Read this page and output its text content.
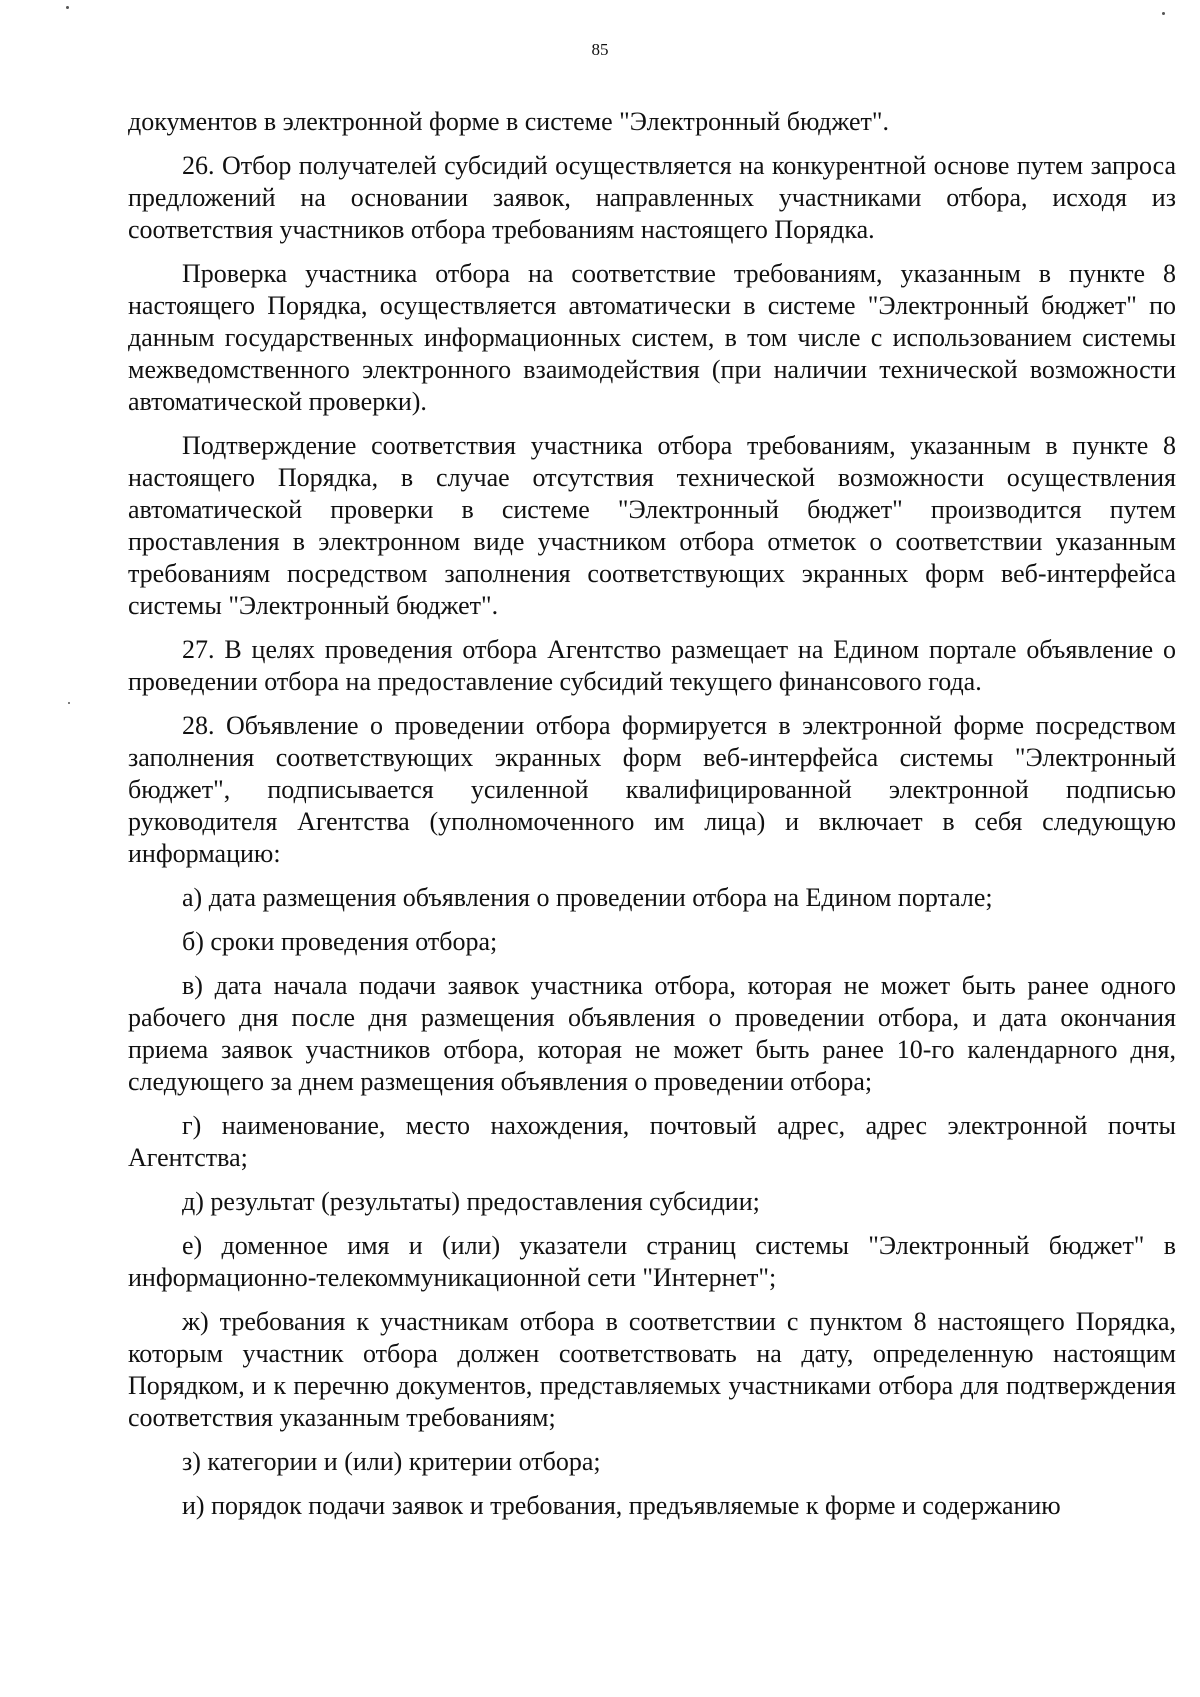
85

документов в электронной форме в системе "Электронный бюджет".

26. Отбор получателей субсидий осуществляется на конкурентной основе путем запроса предложений на основании заявок, направленных участниками отбора, исходя из соответствия участников отбора требованиям настоящего Порядка.

Проверка участника отбора на соответствие требованиям, указанным в пункте 8 настоящего Порядка, осуществляется автоматически в системе "Электронный бюджет" по данным государственных информационных систем, в том числе с использованием системы межведомственного электронного взаимодействия (при наличии технической возможности автоматической проверки).

Подтверждение соответствия участника отбора требованиям, указанным в пункте 8 настоящего Порядка, в случае отсутствия технической возможности осуществления автоматической проверки в системе "Электронный бюджет" производится путем проставления в электронном виде участником отбора отметок о соответствии указанным требованиям посредством заполнения соответствующих экранных форм веб-интерфейса системы "Электронный бюджет".

27. В целях проведения отбора Агентство размещает на Едином портале объявление о проведении отбора на предоставление субсидий текущего финансового года.

28. Объявление о проведении отбора формируется в электронной форме посредством заполнения соответствующих экранных форм веб-интерфейса системы "Электронный бюджет", подписывается усиленной квалифицированной электронной подписью руководителя Агентства (уполномоченного им лица) и включает в себя следующую информацию:

а) дата размещения объявления о проведении отбора на Едином портале;

б) сроки проведения отбора;

в) дата начала подачи заявок участника отбора, которая не может быть ранее одного рабочего дня после дня размещения объявления о проведении отбора, и дата окончания приема заявок участников отбора, которая не может быть ранее 10-го календарного дня, следующего за днем размещения объявления о проведении отбора;

г) наименование, место нахождения, почтовый адрес, адрес электронной почты Агентства;

д) результат (результаты) предоставления субсидии;

е) доменное имя и (или) указатели страниц системы "Электронный бюджет" в информационно-телекоммуникационной сети "Интернет";

ж) требования к участникам отбора в соответствии с пунктом 8 настоящего Порядка, которым участник отбора должен соответствовать на дату, определенную настоящим Порядком, и к перечню документов, представляемых участниками отбора для подтверждения соответствия указанным требованиям;

з) категории и (или) критерии отбора;

и) порядок подачи заявок и требования, предъявляемые к форме и содержанию
